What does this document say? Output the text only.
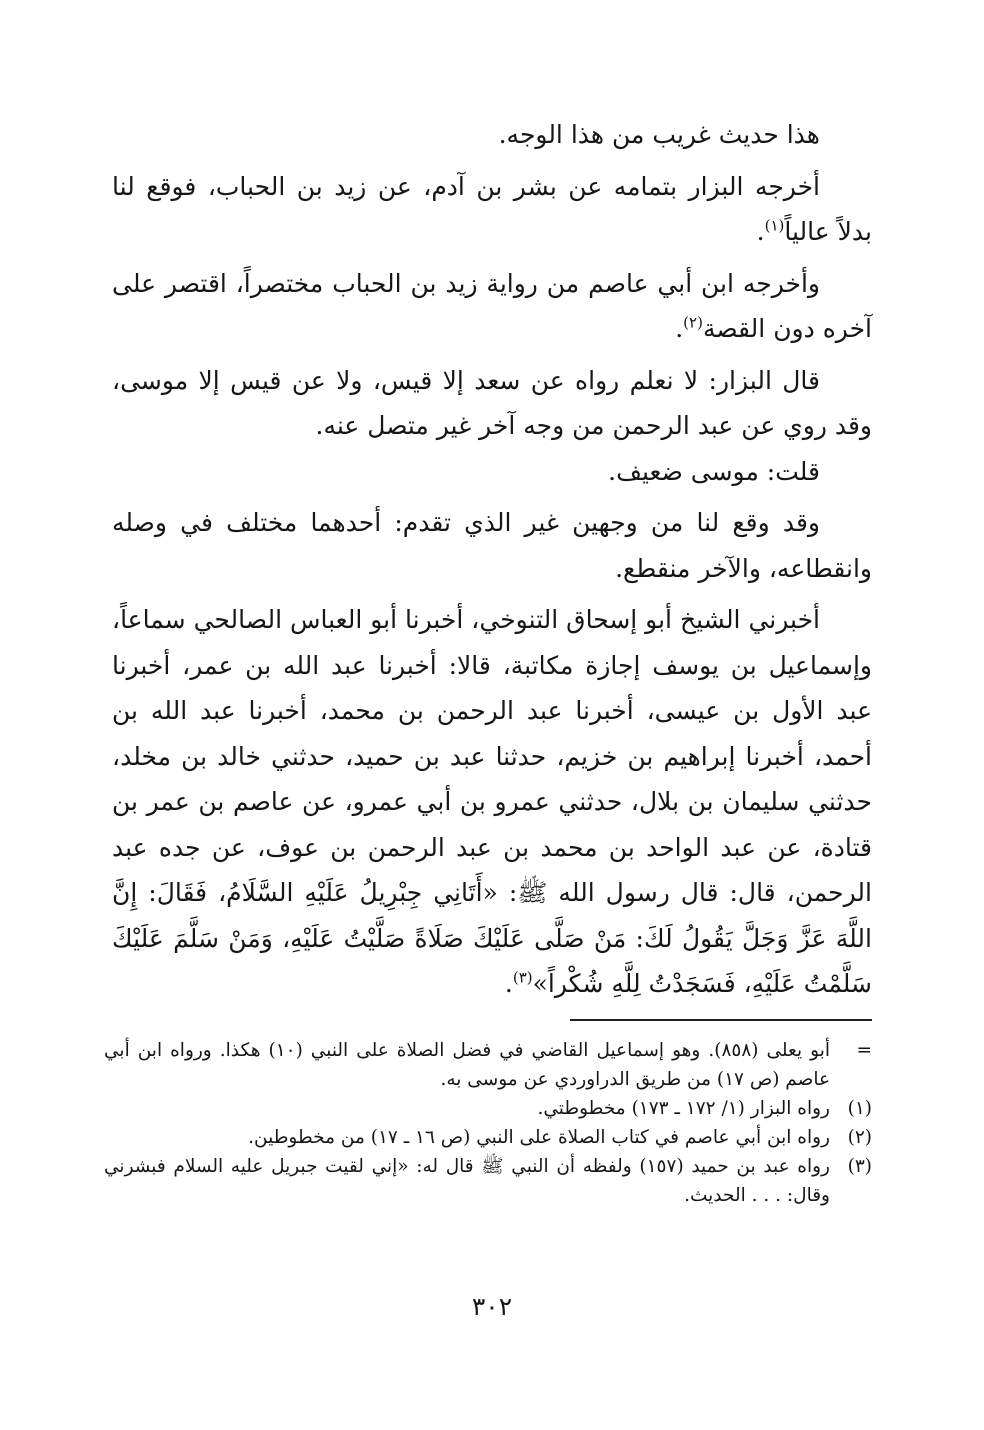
هذا حديث غريب من هذا الوجه.

أخرجه البزار بتمامه عن بشر بن آدم، عن زيد بن الحباب، فوقع لنا بدلاً عالياً$^{(١)}$.

وأخرجه ابن أبي عاصم من رواية زيد بن الحباب مختصراً، اقتصر على آخره دون القصة$^{(٢)}$.

قال البزار: لا نعلم رواه عن سعد إلا قيس، ولا عن قيس إلا موسى، وقد روي عن عبد الرحمن من وجه آخر غير متصل عنه.

قلت: موسى ضعيف.

وقد وقع لنا من وجهين غير الذي تقدم: أحدهما مختلف في وصله وانقطاعه، والآخر منقطع.

أخبرني الشيخ أبو إسحاق التنوخي، أخبرنا أبو العباس الصالحي سماعاً، وإسماعيل بن يوسف إجازة مكاتبة، قالا: أخبرنا عبد الله بن عمر، أخبرنا عبد الأول بن عيسى، أخبرنا عبد الرحمن بن محمد، أخبرنا عبد الله بن أحمد، أخبرنا إبراهيم بن خزيم، حدثنا عبد بن حميد، حدثني خالد بن مخلد، حدثني سليمان بن بلال، حدثني عمرو بن أبي عمرو، عن عاصم بن عمر بن قتادة، عن عبد الواحد بن محمد بن عبد الرحمن بن عوف، عن جده عبد الرحمن، قال: قال رسول الله ﷺ: «أَتَانِي جِبْرِيلُ عَلَيْهِ السَّلَامُ، فَقَالَ: إِنَّ اللَّهَ عَزَّ وَجَلَّ يَقُولُ لَكَ: مَنْ صَلَّى عَلَيْكَ صَلَاةً صَلَّيْتُ عَلَيْهِ، وَمَنْ سَلَّمَ عَلَيْكَ سَلَّمْتُ عَلَيْهِ، فَسَجَدْتُ لِلَّهِ شُكْراً»$^{(٣)}$.

=
أبو يعلى (٨٥٨). وهو إسماعيل القاضي في فضل الصلاة على النبي (١٠) هكذا. ورواه ابن أبي عاصم (ص ١٧) من طريق الدراوردي عن موسى به.
(١)
رواه البزار (١/ ١٧٢ ـ ١٧٣) مخطوطتي.
(٢)
رواه ابن أبي عاصم في كتاب الصلاة على النبي (ص ١٦ ـ ١٧) من مخطوطين.
(٣)
رواه عبد بن حميد (١٥٧) ولفظه أن النبي ﷺ قال له: «إني لقيت جبريل عليه السلام فبشرني وقال: . . . الحديث.
٣٠٢
